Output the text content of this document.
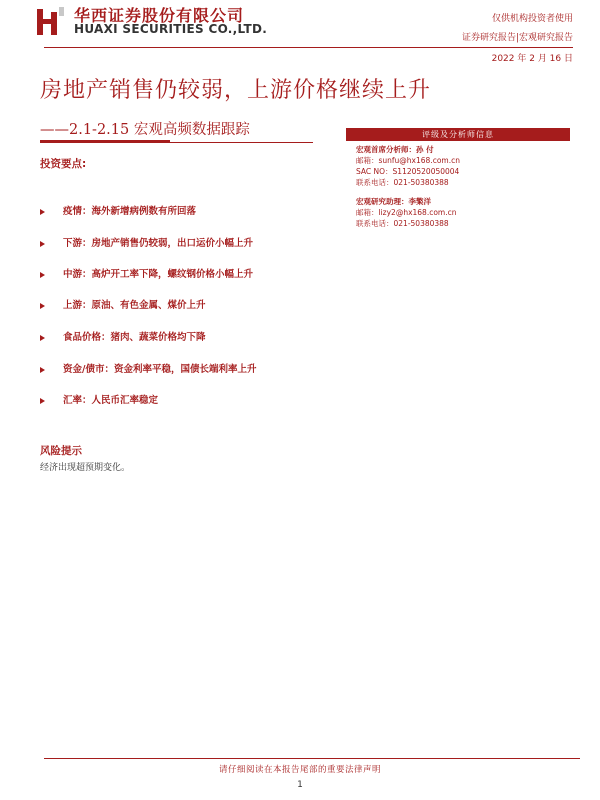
华西证券股份有限公司
HUAXI SECURITIES CO.,LTD.
仅供机构投资者使用
证券研究报告|宏观研究报告
2022 年 2 月 16 日
房地产销售仍较弱，上游价格继续上升
——2.1-2.15 宏观高频数据跟踪	评级及分析师信息
宏观首席分析师：孙 付
邮箱：sunfu@hx168.com.cn
SAC NO：S1120520050004
联系电话：021-50380388
宏观研究助理：李檠洋
邮箱：lizy2@hx168.com.cn
联系电话：021-50380388
投资要点:
疫情：海外新增病例数有所回落
下游：房地产销售仍较弱，出口运价小幅上升
中游：高炉开工率下降，螺纹钢价格小幅上升
上游：原油、有色金属、煤价上升
食品价格：猪肉、蔬菜价格均下降
资金/债市：资金利率平稳，国债长端利率上升
汇率：人民币汇率稳定
风险提示
经济出现超预期变化。
请仔细阅读在本报告尾部的重要法律声明
1
